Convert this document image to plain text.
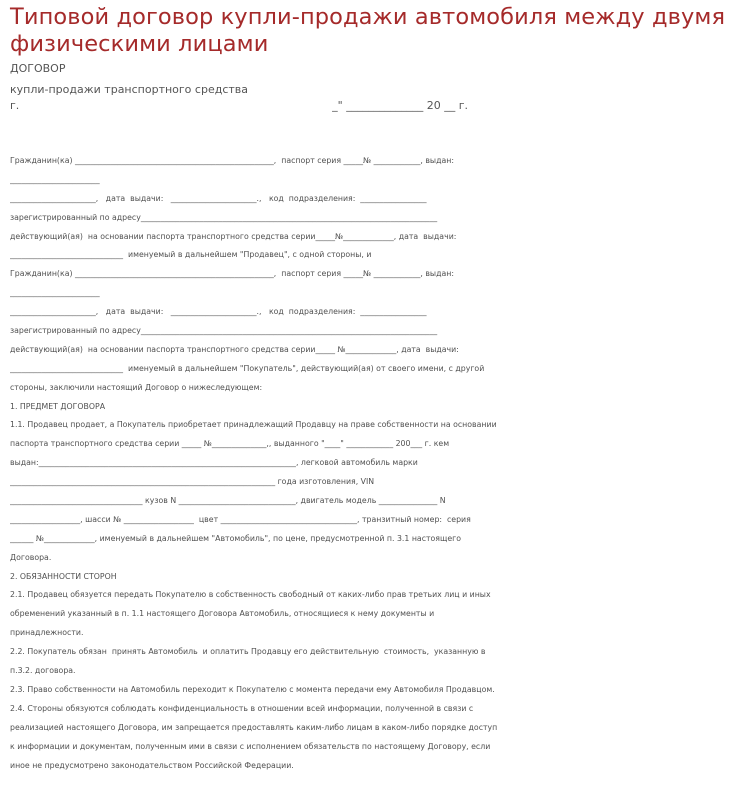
Типовой договор купли-продажи автомобиля между двумя
физическими лицами
ДОГОВОР
купли-продажи транспортного средства
г.	_" ______________ 20 __ г.
Гражданин(ка) ___________________________________________________,  паспорт серия _____№ ____________, выдан:
_______________________
______________________,   дата  выдачи:   ______________________.,   код  подразделения:  _________________
зарегистрированный по адресу____________________________________________________________________________
действующий(ая)  на основании паспорта транспортного средства серии_____№_____________, дата  выдачи:
_____________________________  именуемый в дальнейшем "Продавец", с одной стороны, и
Гражданин(ка) ___________________________________________________,  паспорт серия _____№ ____________, выдан:
_______________________
______________________,   дата  выдачи:   ______________________.,   код  подразделения:  _________________
зарегистрированный по адресу____________________________________________________________________________
действующий(ая)  на основании паспорта транспортного средства серии_____ №_____________, дата  выдачи:
_____________________________  именуемый в дальнейшем "Покупатель", действующий(ая) от своего имени, с другой
стороны, заключили настоящий Договор о нижеследующем:
1. ПРЕДМЕТ ДОГОВОРА
1.1. Продавец продает, а Покупатель приобретает принадлежащий Продавцу на праве собственности на основании
паспорта транспортного средства серии _____ №______________,, выданного "____" ____________ 200___ г. кем
выдан:__________________________________________________________________, легковой автомобиль марки
____________________________________________________________________ года изготовления, VIN
__________________________________ кузов N ______________________________, двигатель модель _______________ N
__________________, шасси № __________________  цвет ___________________________________, транзитный номер:  серия
______ №_____________, именуемый в дальнейшем "Автомобиль", по цене, предусмотренной п. 3.1 настоящего
Договора.
2. ОБЯЗАННОСТИ СТОРОН
2.1. Продавец обязуется передать Покупателю в собственность свободный от каких-либо прав третьих лиц и иных
обременений указанный в п. 1.1 настоящего Договора Автомобиль, относящиеся к нему документы и
принадлежности.
2.2. Покупатель обязан  принять Автомобиль  и оплатить Продавцу его действительную  стоимость,  указанную в
п.3.2. договора.
2.3. Право собственности на Автомобиль переходит к Покупателю с момента передачи ему Автомобиля Продавцом.
2.4. Стороны обязуются соблюдать конфиденциальность в отношении всей информации, полученной в связи с
реализацией настоящего Договора, им запрещается предоставлять каким-либо лицам в каком-либо порядке доступ
к информации и документам, полученным ими в связи с исполнением обязательств по настоящему Договору, если
иное не предусмотрено законодательством Российской Федерации.
